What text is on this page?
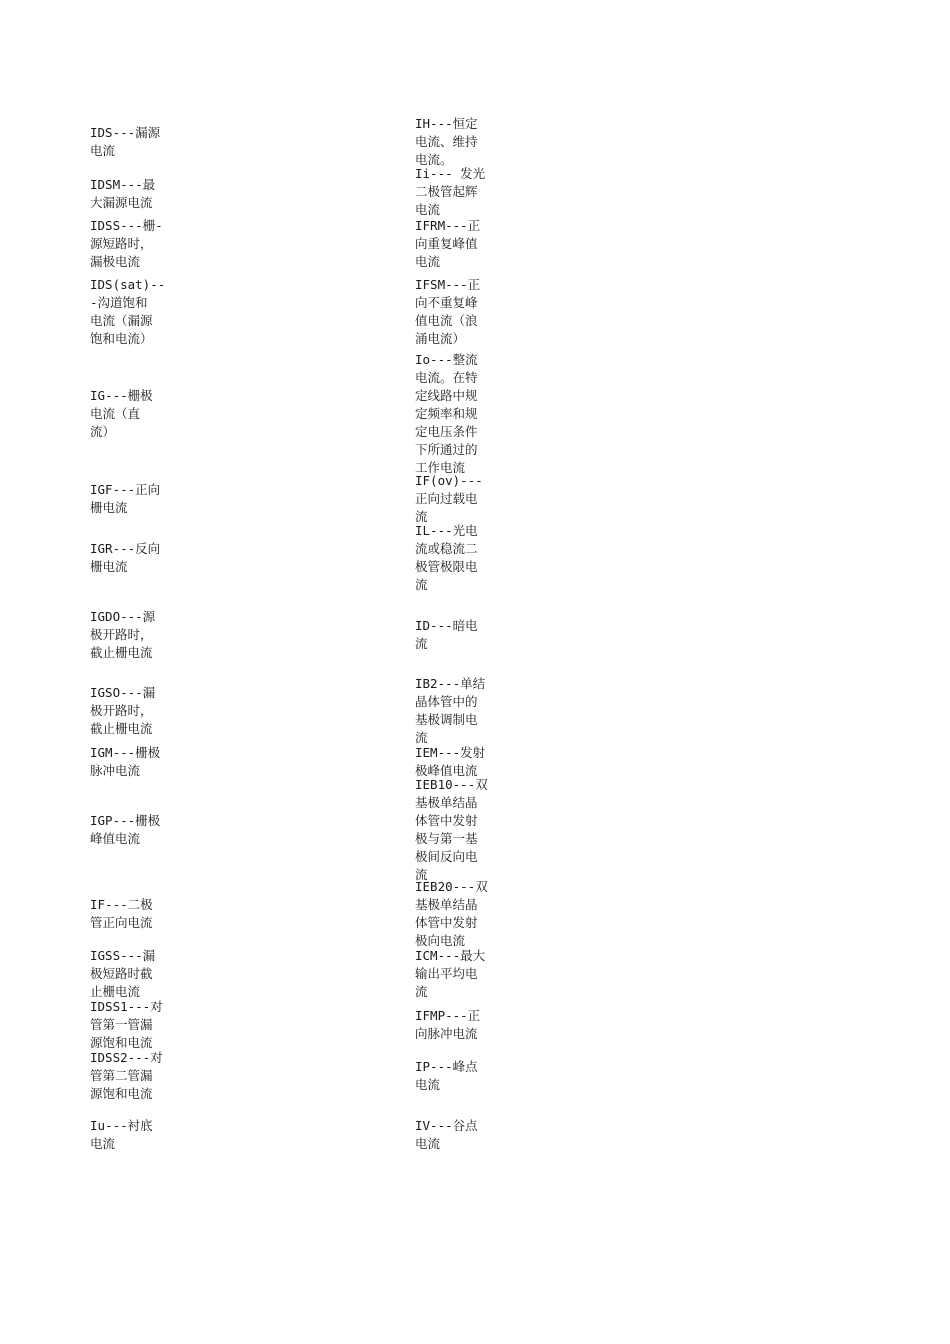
IDS---漏源
电流
IDSM---最
大漏源电流
IDSS---栅-
源短路时，
漏极电流
IDS(sat)--
-沟道饱和
电流（漏源
饱和电流）
IG---栅极
电流（直
流）
IGF---正向
栅电流
IGR---反向
栅电流
IGDO---源
极开路时，
截止栅电流
IGSO---漏
极开路时，
截止栅电流
IGM---栅极
脉冲电流
IGP---栅极
峰值电流
IF---二极
管正向电流
IGSS---漏
极短路时截
止栅电流
IDSS1---对
管第一管漏
源饱和电流
IDSS2---对
管第二管漏
源饱和电流
Iu---衬底
电流
IH---恒定
电流、维持
电流。
Ii--- 发光
二极管起辉
电流
IFRM---正
向重复峰值
电流
IFSM---正
向不重复峰
值电流（浪
涌电流）
Io---整流
电流。在特
定线路中规
定频率和规
定电压条件
下所通过的
工作电流
IF(ov)---
正向过载电
流
IL---光电
流或稳流二
极管极限电
流
ID---暗电
流
IB2---单结
晶体管中的
基极调制电
流
IEM---发射
极峰值电流
IEB10---双
基极单结晶
体管中发射
极与第一基
极间反向电
流
IEB20---双
基极单结晶
体管中发射
极向电流
ICM---最大
输出平均电
流
IFMP---正
向脉冲电流
IP---峰点
电流
IV---谷点
电流
